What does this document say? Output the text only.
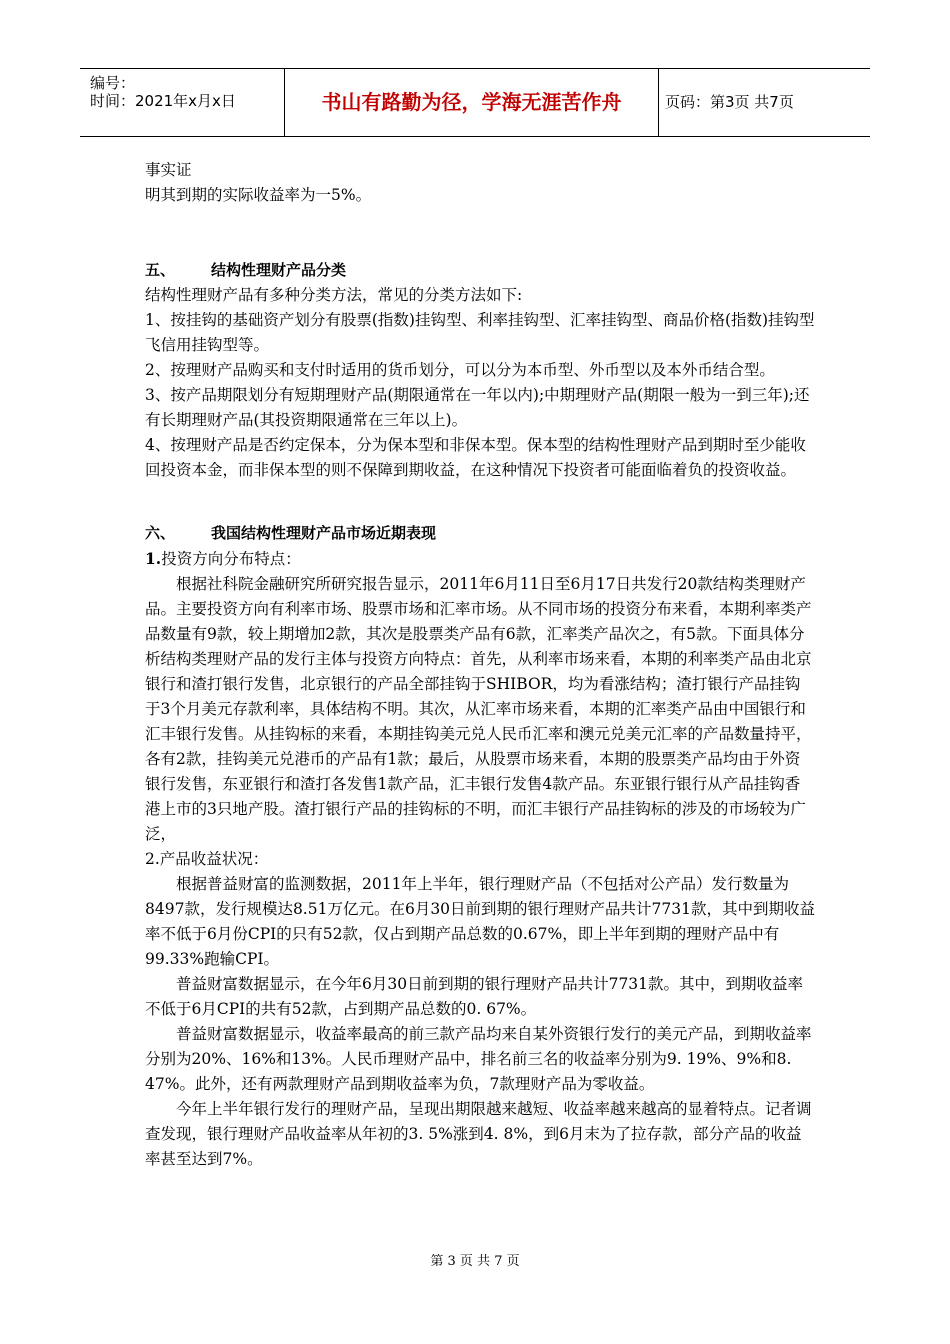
编号：
时间：2021年x月x日	书山有路勤为径，学海无涯苦作舟	页码：第3页 共7页

事实证

明其到期的实际收益率为一5%。

五、 结构性理财产品分类

结构性理财产品有多种分类方法，常见的分类方法如下:

1、按挂钩的基础资产划分有股票(指数)挂钩型、利率挂钩型、汇率挂钩型、商品价格(指数)挂钩型飞信用挂钩型等。

2、按理财产品购买和支付时适用的货币划分，可以分为本币型、外币型以及本外币结合型。

3、按产品期限划分有短期理财产品(期限通常在一年以内);中期理财产品(期限一般为一到三年);还有长期理财产品(其投资期限通常在三年以上)。

4、按理财产品是否约定保本，分为保本型和非保本型。保本型的结构性理财产品到期时至少能收回投资本金，而非保本型的则不保障到期收益，在这种情况下投资者可能面临着负的投资收益。

六、 我国结构性理财产品市场近期表现

1.投资方向分布特点：

根据社科院金融研究所研究报告显示，2011年6月11日至6月17日共发行20款结构类理财产品。主要投资方向有利率市场、股票市场和汇率市场。从不同市场的投资分布来看，本期利率类产品数量有9款，较上期增加2款，其次是股票类产品有6款，汇率类产品次之，有5款。下面具体分析结构类理财产品的发行主体与投资方向特点：首先，从利率市场来看，本期的利率类产品由北京银行和渣打银行发售，北京银行的产品全部挂钩于SHIBOR，均为看涨结构；渣打银行产品挂钩于3个月美元存款利率，具体结构不明。其次，从汇率市场来看，本期的汇率类产品由中国银行和汇丰银行发售。从挂钩标的来看，本期挂钩美元兑人民币汇率和澳元兑美元汇率的产品数量持平，各有2款，挂钩美元兑港币的产品有1款；最后，从股票市场来看，本期的股票类产品均由于外资银行发售，东亚银行和渣打各发售1款产品，汇丰银行发售4款产品。东亚银行银行从产品挂钩香港上市的3只地产股。渣打银行产品的挂钩标的不明，而汇丰银行产品挂钩标的涉及的市场较为广泛，

2.产品收益状况：

根据普益财富的监测数据，2011年上半年，银行理财产品（不包括对公产品）发行数量为8497款，发行规模达8.51万亿元。在6月30日前到期的银行理财产品共计7731款，其中到期收益率不低于6月份CPI的只有52款，仅占到期产品总数的0.67%，即上半年到期的理财产品中有99.33%跑输CPI。

普益财富数据显示，在今年6月30日前到期的银行理财产品共计7731款。其中，到期收益率不低于6月CPI的共有52款，占到期产品总数的0. 67%。

普益财富数据显示，收益率最高的前三款产品均来自某外资银行发行的美元产品，到期收益率分别为20%、16%和13%。人民币理财产品中，排名前三名的收益率分别为9. 19%、9%和8. 47%。此外，还有两款理财产品到期收益率为负，7款理财产品为零收益。

今年上半年银行发行的理财产品，呈现出期限越来越短、收益率越来越高的显着特点。记者调查发现，银行理财产品收益率从年初的3. 5%涨到4. 8%，到6月末为了拉存款，部分产品的收益率甚至达到7%。

第 3 页 共 7 页
